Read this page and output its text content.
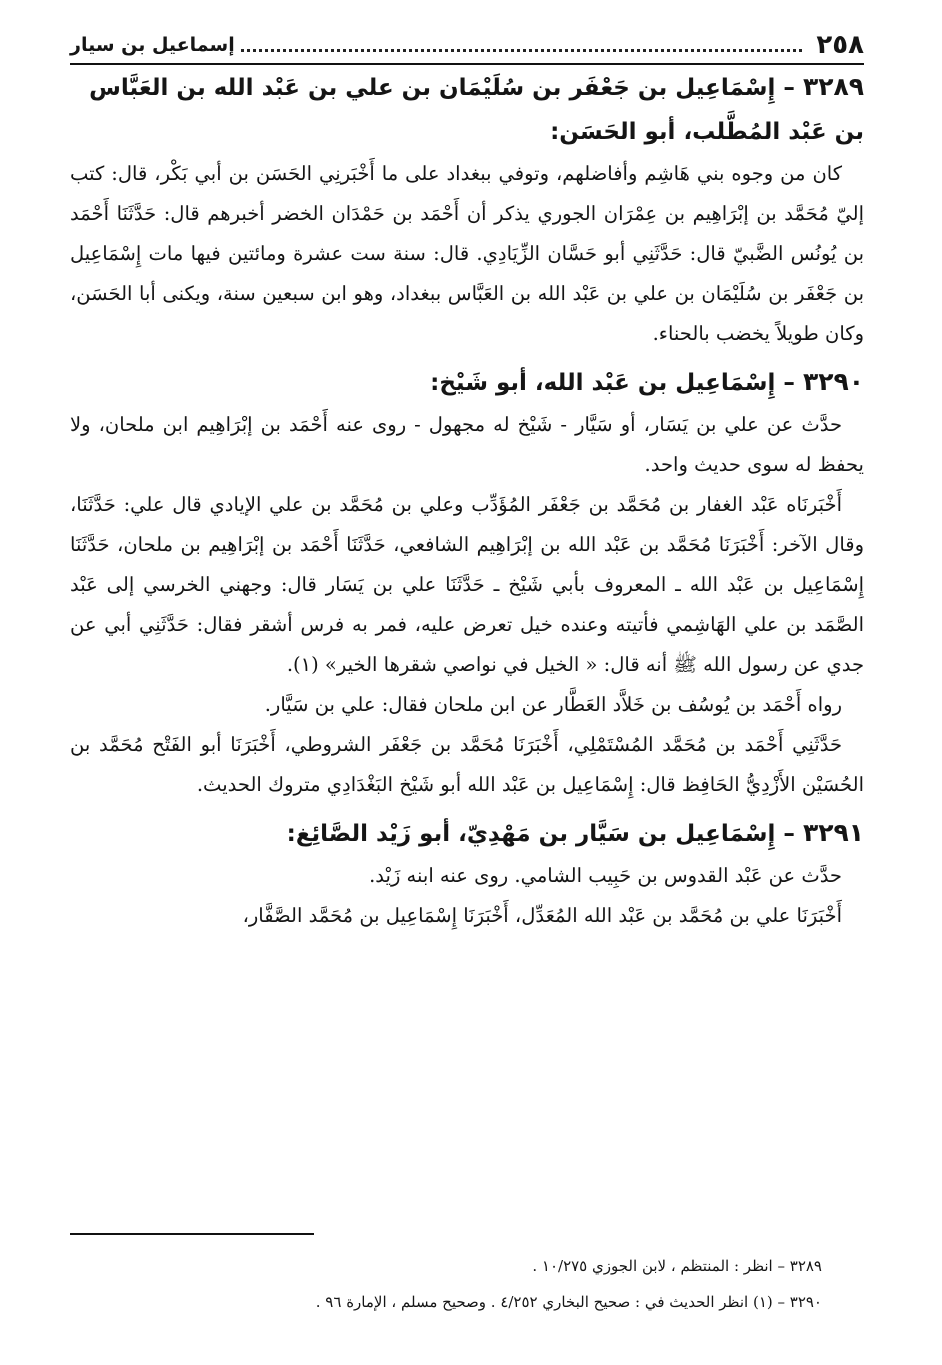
٢٥٨
إسماعيل بن سيار

٣٢٨٩ – إِسْمَاعِيل بن جَعْفَر بن سُلَيْمَان بن علي بن عَبْد الله بن العَبَّاس بن عَبْد المُطَّلب، أبو الحَسَن:

كان من وجوه بني هَاشِم وأفاضلهم، وتوفي ببغداد على ما أَخْبَرنِي الحَسَن بن أبي بَكْر، قال: كتب إليّ مُحَمَّد بن إبْرَاهِيم بن عِمْرَان الجوري يذكر أن أَحْمَد بن حَمْدَان الخضر أخبرهم قال: حَدَّثَنَا أَحْمَد بن يُونُس الضَّبيّ قال: حَدَّثَنِي أبو حَسَّان الزِّيَادِي. قال: سنة ست عشرة ومائتين فيها مات إِسْمَاعِيل بن جَعْفَر بن سُلَيْمَان بن علي بن عَبْد الله بن العَبَّاس ببغداد، وهو ابن سبعين سنة، ويكنى أبا الحَسَن، وكان طويلاً يخضب بالحناء.

٣٢٩٠ – إِسْمَاعِيل بن عَبْد الله، أبو شَيْخ:

حدَّث عن علي بن يَسَار، أو سَيَّار - شَيْخ له مجهول - روى عنه أَحْمَد بن إبْرَاهِيم ابن ملحان، ولا يحفظ له سوى حديث واحد.

أَخْبَرنَاه عَبْد الغفار بن مُحَمَّد بن جَعْفَر المُؤَدِّب وعلي بن مُحَمَّد بن علي الإيادي قال علي: حَدَّثَنَا، وقال الآخر: أَخْبَرَنَا مُحَمَّد بن عَبْد الله بن إبْرَاهِيم الشافعي، حَدَّثَنَا أَحْمَد بن إبْرَاهِيم بن ملحان، حَدَّثَنَا إِسْمَاعِيل بن عَبْد الله ـ المعروف بأبي شَيْخ ـ حَدَّثَنَا علي بن يَسَار قال: وجهني الخرسي إلى عَبْد الصَّمَد بن علي الهَاشِمي فأتيته وعنده خيل تعرض عليه، فمر به فرس أشقر فقال: حَدَّثَنِي أبي عن جدي عن رسول الله ﷺ أنه قال: « الخيل في نواصي شقرها الخير» (١).

رواه أَحْمَد بن يُوسُف بن خَلاَّد العَطَّار عن ابن ملحان فقال: علي بن سَيَّار.

حَدَّثَنِي أَحْمَد بن مُحَمَّد المُسْتَمْلِي، أَخْبَرَنَا مُحَمَّد بن جَعْفَر الشروطي، أَخْبَرَنَا أبو الفَتْح مُحَمَّد بن الحُسَيْن الأَزْدِيُّ الحَافِظ قال: إِسْمَاعِيل بن عَبْد الله أبو شَيْخ البَغْدَادِي متروك الحديث.

٣٢٩١ – إِسْمَاعِيل بن سَيَّار بن مَهْدِيّ، أبو زَيْد الصَّائِغ:

حدَّث عن عَبْد القدوس بن حَبِيب الشامي. روى عنه ابنه زَيْد.

أَخْبَرَنَا علي بن مُحَمَّد بن عَبْد الله المُعَدِّل، أَخْبَرَنَا إِسْمَاعِيل بن مُحَمَّد الصَّفَّار،

٣٢٨٩ – انظر : المنتظم ، لابن الجوزي ١٠/٢٧٥ .

٣٢٩٠ – (١) انظر الحديث في : صحيح البخاري ٤/٢٥٢ . وصحيح مسلم ، الإمارة ٩٦ .
